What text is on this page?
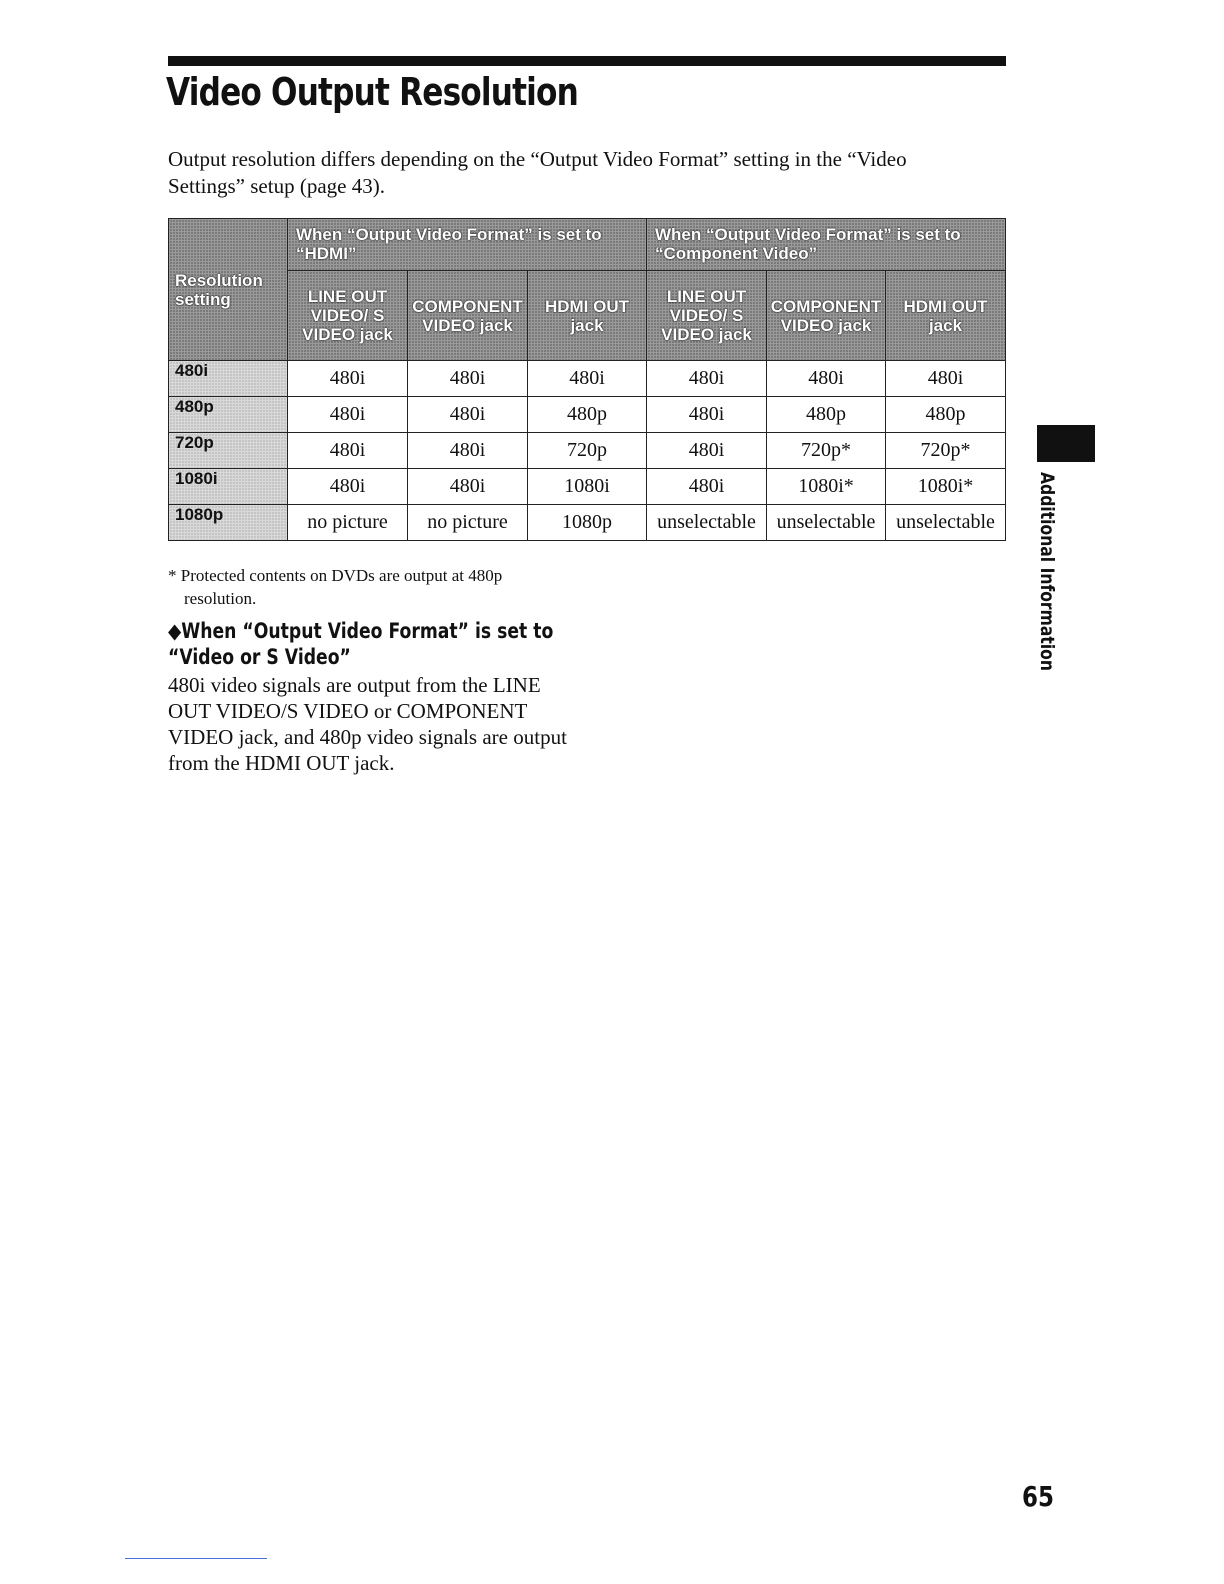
Video Output Resolution
Output resolution differs depending on the “Output Video Format” setting in the “Video Settings” setup (page 43).
Resolution setting	When “Output Video Format” is set to “HDMI”			When “Output Video Format” is set to “Component Video”		
	LINE OUT VIDEO/ S VIDEO jack	COMPONENT VIDEO jack	HDMI OUT jack	LINE OUT VIDEO/ S VIDEO jack	COMPONENT VIDEO jack	HDMI OUT jack
480i	480i	480i	480i	480i	480i	480i
480p	480i	480i	480p	480i	480p	480p
720p	480i	480i	720p	480i	720p*	720p*
1080i	480i	480i	1080i	480i	1080i*	1080i*
1080p	no picture	no picture	1080p	unselectable	unselectable	unselectable
* Protected contents on DVDs are output at 480p
resolution.
◆When “Output Video Format” is set to
“Video or S Video”
480i video signals are output from the LINE OUT VIDEO/S VIDEO or COMPONENT VIDEO jack, and 480p video signals are output from the HDMI OUT jack.
Additional Information
65
